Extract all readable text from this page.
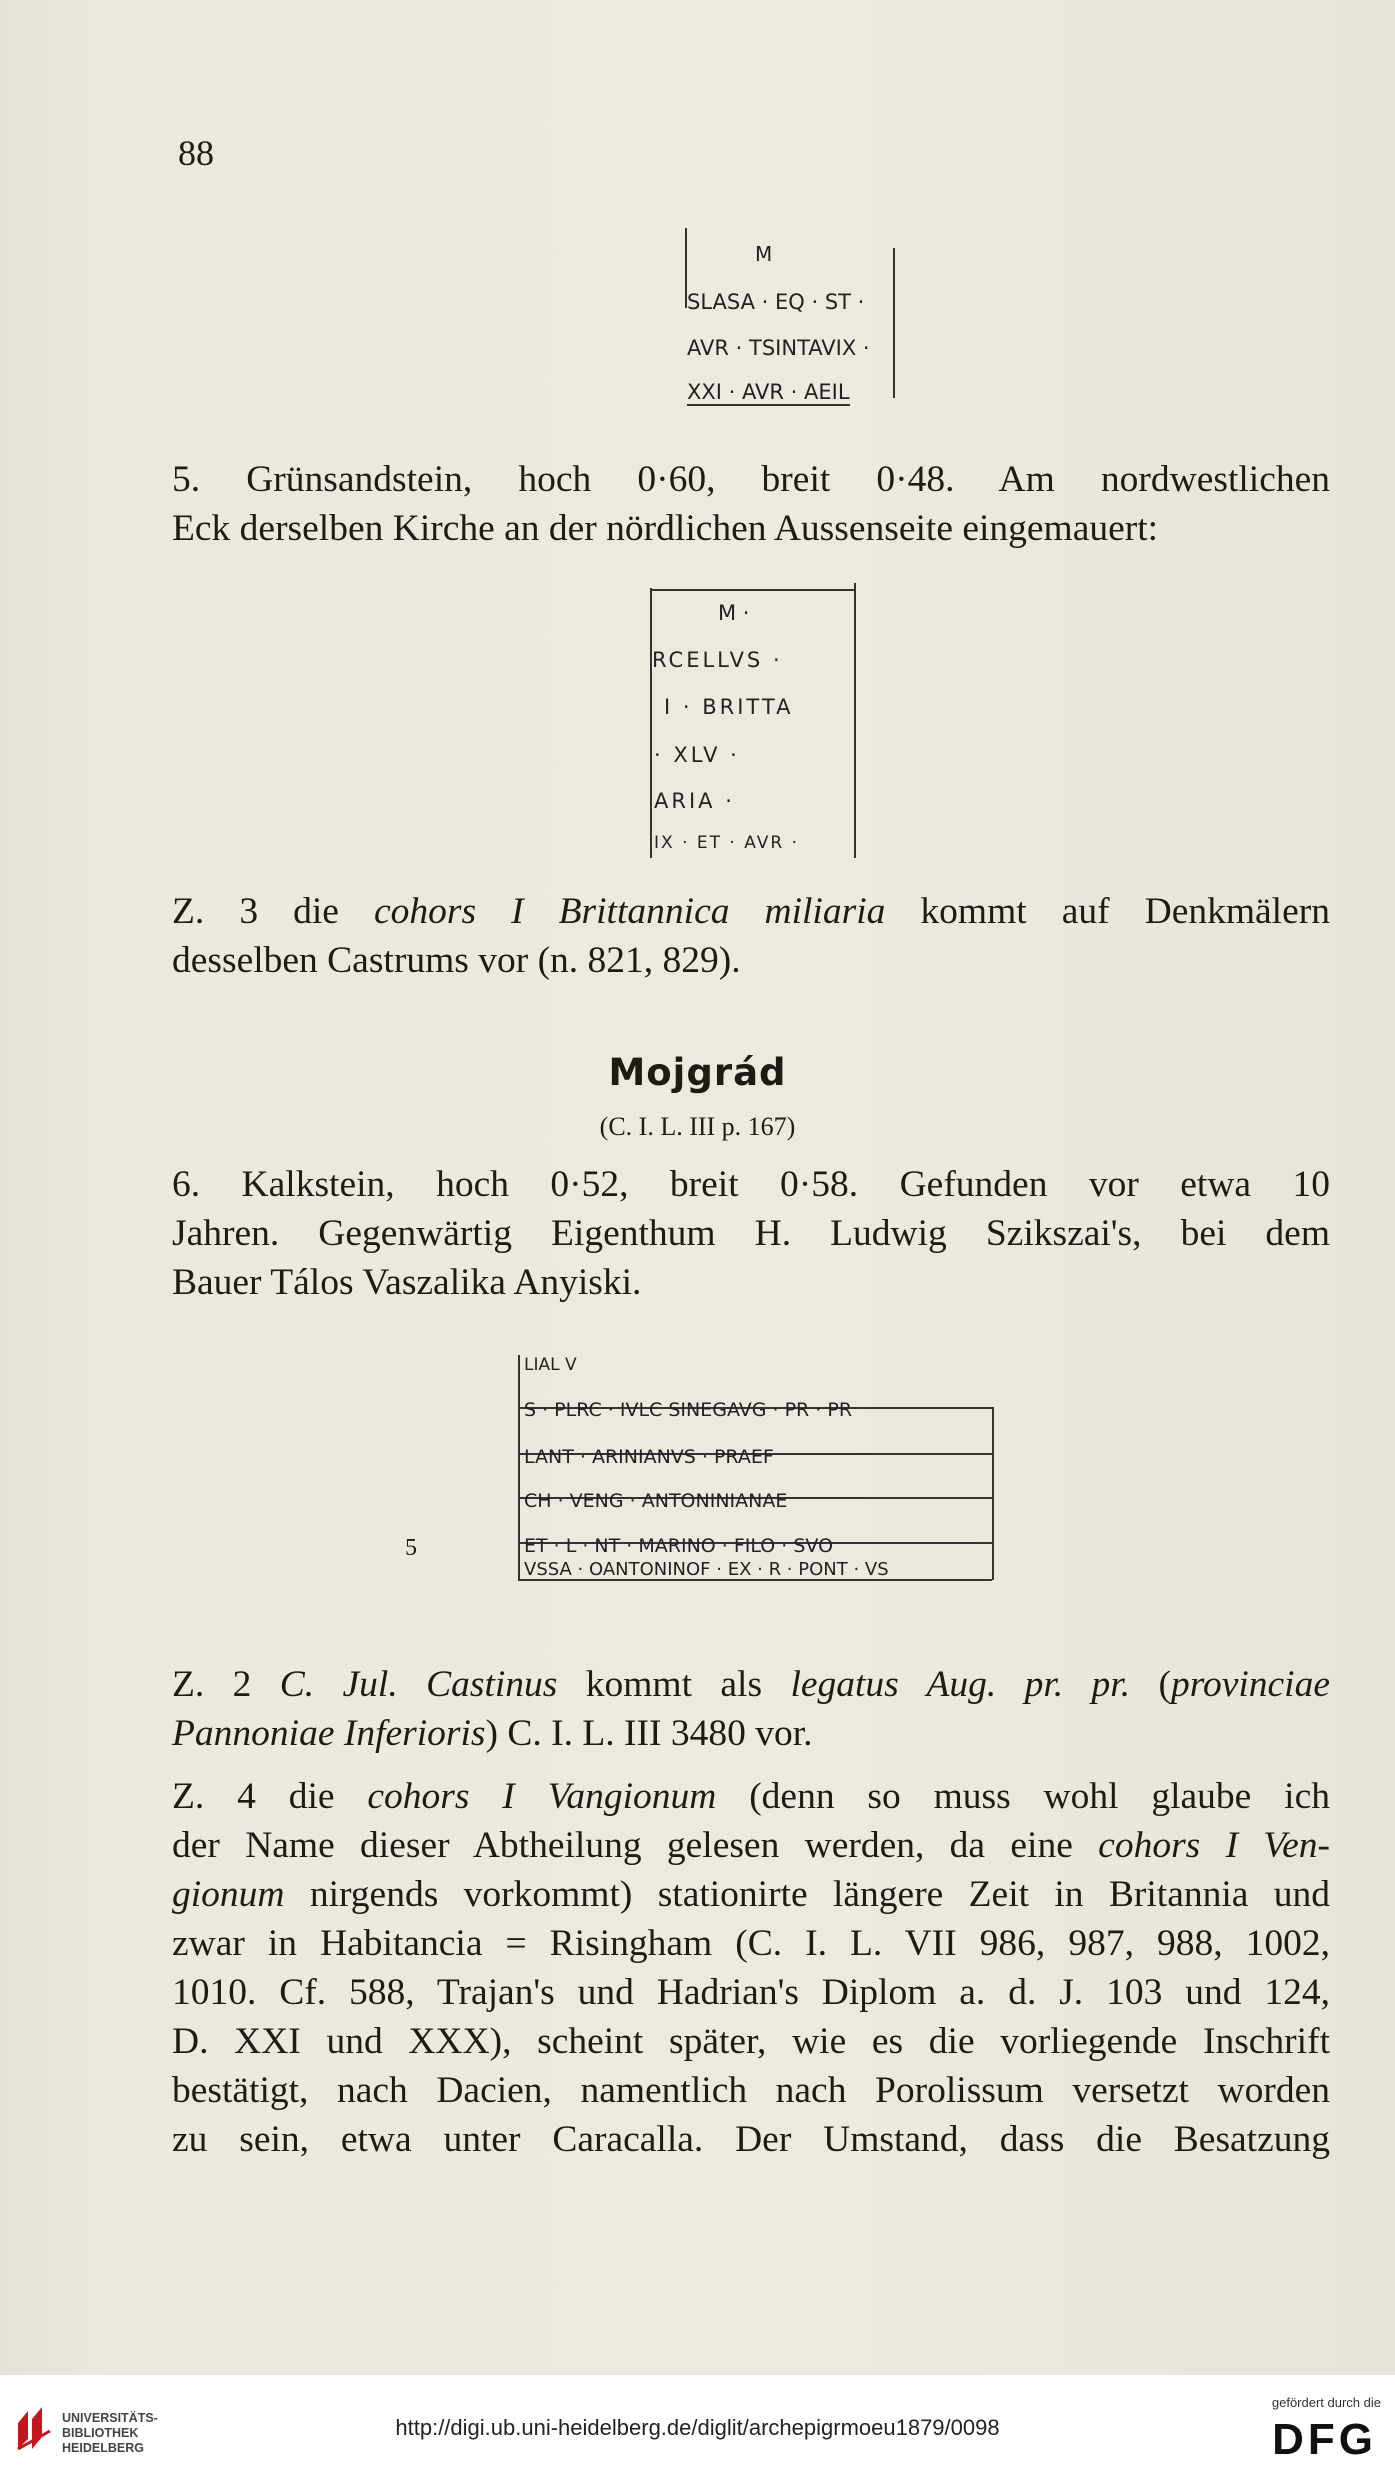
88
M
SLASA · EQ · ST ·
AVR · TSINTAVIX ·
XXI · AVR · AEIL

5. Grünsandstein, hoch 0·60, breit 0·48. Am nordwestlichen
Eck derselben Kirche an der nördlichen Aussenseite eingemauert:

M ·
RCELLVS ·
I · BRITTA
· XLV ·
ARIA ·
IX · ET · AVR ·

Z. 3 die cohors I Brittannica miliaria kommt auf Denkmälern
desselben Castrums vor (n. 821, 829).

Mojgrád
(C. I. L. III p. 167)

6. Kalkstein, hoch 0·52, breit 0·58. Gefunden vor etwa 10
Jahren. Gegenwärtig Eigenthum H. Ludwig Szikszai's, bei dem
Bauer Tálos Vaszalika Anyiski.

LIAL V
S · PLRC · IVLC SINEGAVG · PR · PR
LANT · ARINIANVS · PRAEF
CH · VENG · ANTONINIANAE
ET · L · NT · MARINO · FILO · SVO
VSSA · OANTONINOF · EX · R · PONT · VS
5

Z. 2 C. Jul. Castinus kommt als legatus Aug. pr. pr. (provinciae
Pannoniae Inferioris) C. I. L. III 3480 vor.

Z. 4 die cohors I Vangionum (denn so muss wohl glaube ich
der Name dieser Abtheilung gelesen werden, da eine cohors I Ven-
gionum nirgends vorkommt) stationirte längere Zeit in Britannia und
zwar in Habitancia = Risingham (C. I. L. VII 986, 987, 988, 1002,
1010. Cf. 588, Trajan's und Hadrian's Diplom a. d. J. 103 und 124,
D. XXI und XXX), scheint später, wie es die vorliegende Inschrift
bestätigt, nach Dacien, namentlich nach Porolissum versetzt worden
zu sein, etwa unter Caracalla. Der Umstand, dass die Besatzung

UNIVERSITÄTS-
BIBLIOTHEK
HEIDELBERG
http://digi.ub.uni-heidelberg.de/diglit/archepigrmoeu1879/0098
gefördert durch die
DFG
